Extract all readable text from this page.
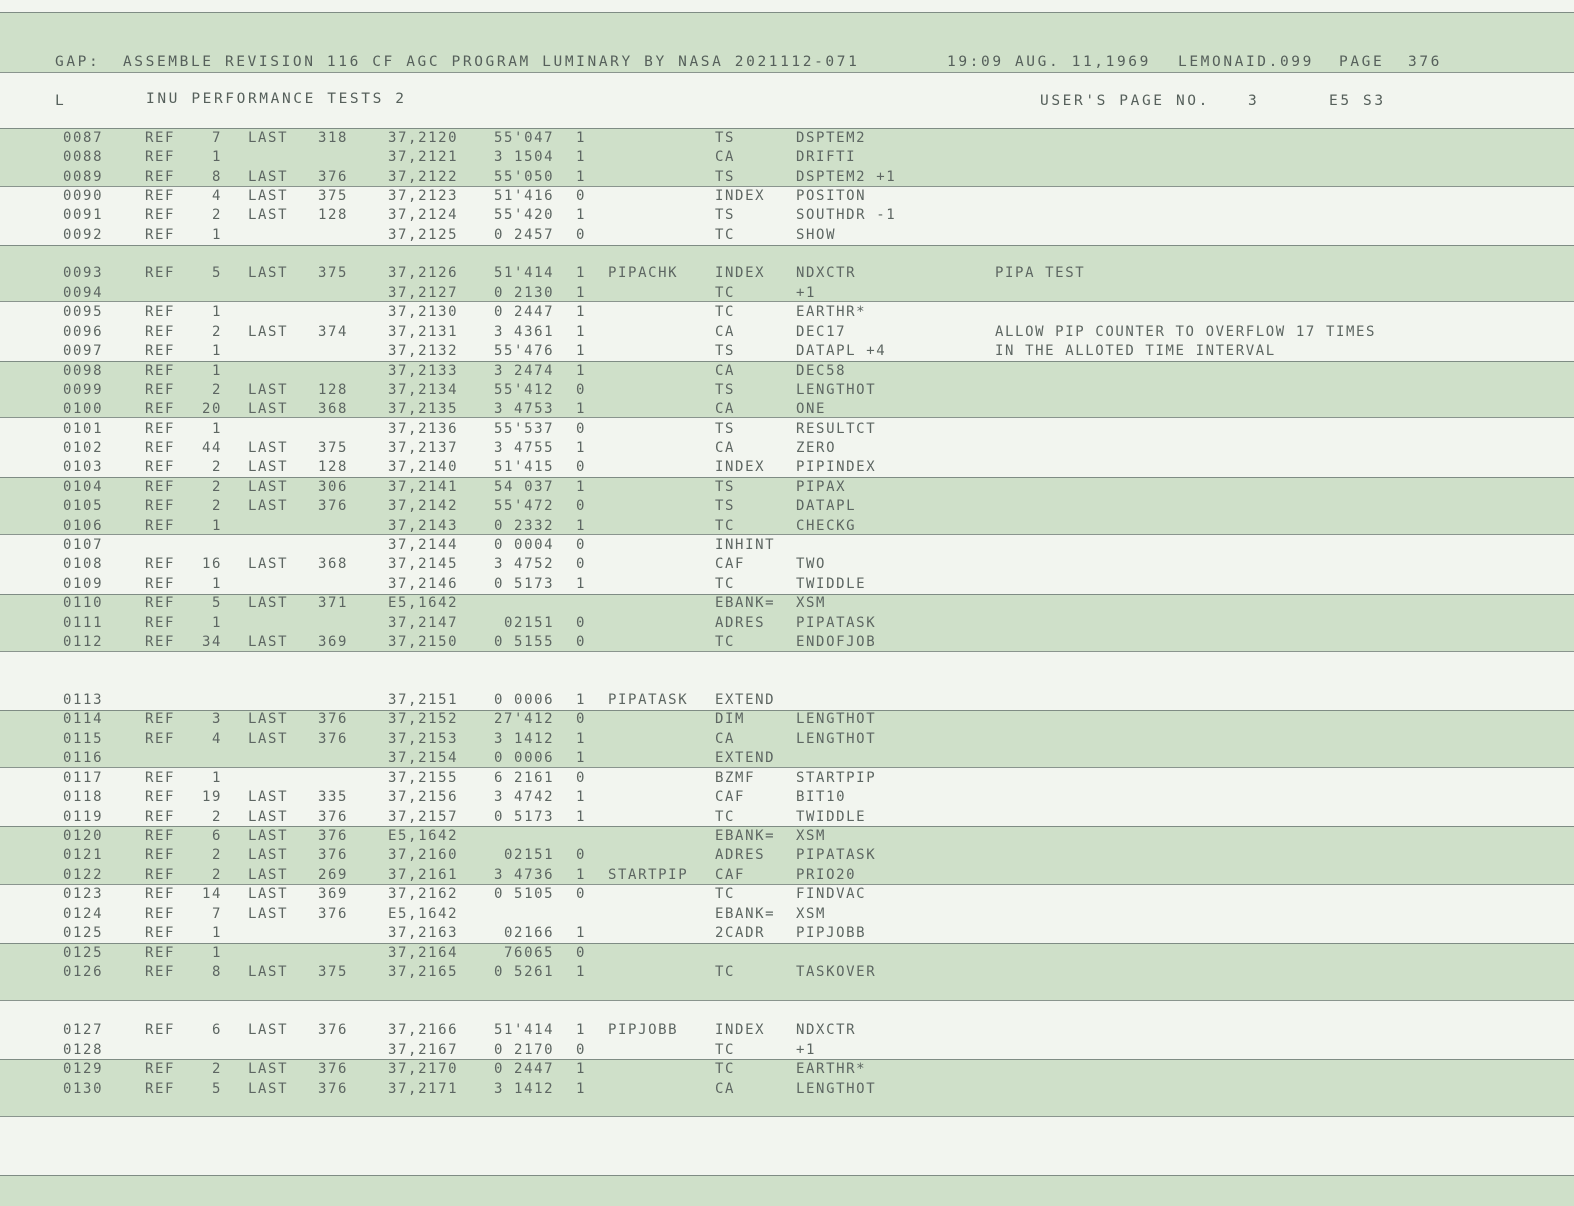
GAP:  ASSEMBLE REVISION 116 CF AGC PROGRAM LUMINARY BY NASA 2021112-071	19:09 AUG. 11,1969 LEMONAID.099 PAGE 376
L	INU PERFORMANCE TESTS 2	USER'S PAGE NO.	3	E5 S3
0087	REF	7 LAST 318	37,2120	55'047 1	TS	DSPTEM2
0088	REF	1	37,2121	3 1504 1	CA	DRIFTI
0089	REF	8 LAST 376	37,2122	55'050 1	TS	DSPTEM2 +1
0090	REF	4 LAST 375	37,2123	51'416 0	INDEX POSITON
0091	REF	2 LAST 128	37,2124	55'420 1	TS	SOUTHDR -1
0092	REF	1	37,2125	0 2457 0	TC	SHOW
0093	REF	5 LAST 375	37,2126	51'414 1 PIPACHK	INDEX NDXCTR	PIPA TEST
0094	37,2127	0 2130 1	TC	+1
0095	REF	1	37,2130	0 2447 1	TC	EARTHR*
0096	REF	2 LAST 374	37,2131	3 4361 1	CA	DEC17	ALLOW PIP COUNTER TO OVERFLOW 17 TIMES
0097	REF	1	37,2132	55'476 1	TS	DATAPL +4	IN THE ALLOTED TIME INTERVAL
0098	REF	1	37,2133	3 2474 1	CA	DEC58
0099	REF	2 LAST 128	37,2134	55'412 0	TS	LENGTHOT
0100	REF	20 LAST 368	37,2135	3 4753 1	CA	ONE
0101	REF	1	37,2136	55'537 0	TS	RESULTCT
0102	REF	44 LAST 375	37,2137	3 4755 1	CA	ZERO
0103	REF	2 LAST 128	37,2140	51'415 0	INDEX PIPINDEX
0104	REF	2 LAST 306	37,2141	54 037 1	TS	PIPAX
0105	REF	2 LAST 376	37,2142	55'472 0	TS	DATAPL
0106	REF	1	37,2143	0 2332 1	TC	CHECKG
0107	37,2144	0 0004 0	INHINT
0108	REF	16 LAST 368	37,2145	3 4752 0	CAF	TWO
0109	REF	1	37,2146	0 5173 1	TC	TWIDDLE
0110	REF	5 LAST 371	E5,1642	EBANK= XSM
0111	REF	1	37,2147	02151 0	ADRES PIPATASK
0112	REF	34 LAST 369	37,2150	0 5155 0	TC	ENDOFJOB
0113	37,2151	0 0006 1 PIPATASK EXTEND
0114	REF	3 LAST 376	37,2152	27'412 0	DIM	LENGTHOT
0115	REF	4 LAST 376	37,2153	3 1412 1	CA	LENGTHOT
0116	37,2154	0 0006 1	EXTEND
0117	REF	1	37,2155	6 2161 0	BZMF	STARTPIP
0118	REF	19 LAST 335	37,2156	3 4742 1	CAF	BIT10
0119	REF	2 LAST 376	37,2157	0 5173 1	TC	TWIDDLE
0120	REF	6 LAST 376	E5,1642	EBANK= XSM
0121	REF	2 LAST 376	37,2160	02151 0	ADRES PIPATASK
0122	REF	2 LAST 269	37,2161	3 4736 1 STARTPIP CAF	PRIO20
0123	REF	14 LAST 369	37,2162	0 5105 0	TC	FINDVAC
0124	REF	7 LAST 376	E5,1642	EBANK= XSM
0125	REF	1	37,2163	02166 1	2CADR PIPJOBB
0125	REF	1	37,2164	76065 0
0126	REF	8 LAST 375	37,2165	0 5261 1	TC	TASKOVER
0127	REF	6 LAST 376	37,2166	51'414 1 PIPJOBB	INDEX NDXCTR
0128	37,2167	0 2170 0	TC	+1
0129	REF	2 LAST 376	37,2170	0 2447 1	TC	EARTHR*
0130	REF	5 LAST 376	37,2171	3 1412 1	CA	LENGTHOT
